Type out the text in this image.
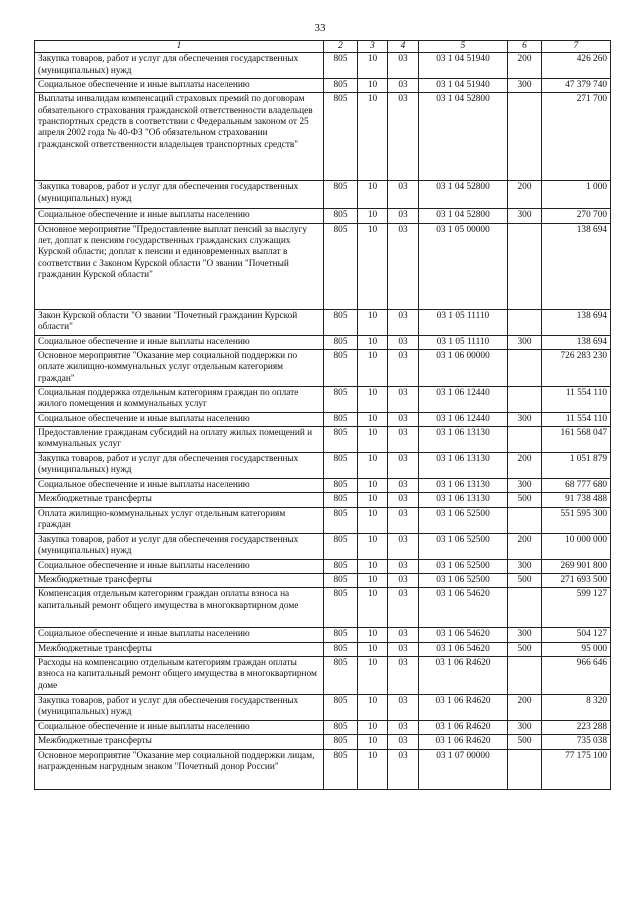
33
1	2	3	4	5	6	7
Закупка товаров, работ и услуг для обеспечения государственных (муниципальных) нужд	805	10	03	03 1 04 51940	200	426 260
Социальное обеспечение и иные выплаты населению	805	10	03	03 1 04 51940	300	47 379 740
Выплаты инвалидам компенсаций страховых премий по договорам обязательного страхования гражданской ответственности владельцев транспортных средств в соответствии с Федеральным законом от 25 апреля 2002 года № 40-ФЗ "Об обязательном страховании гражданской ответственности владельцев транспортных средств"	805	10	03	03 1 04 52800		271 700
Закупка товаров, работ и услуг для обеспечения государственных (муниципальных) нужд	805	10	03	03 1 04 52800	200	1 000
Социальное обеспечение и иные выплаты населению	805	10	03	03 1 04 52800	300	270 700
Основное мероприятие "Предоставление выплат пенсий за выслугу лет, доплат к пенсиям государственных гражданских служащих Курской области; доплат к пенсии и единовременных выплат в соответствии с Законом Курской области "О звании "Почетный гражданин Курской области"	805	10	03	03 1 05 00000		138 694
Закон Курской области "О звании "Почетный гражданин Курской области"	805	10	03	03 1 05 11110		138 694
Социальное обеспечение и иные выплаты населению	805	10	03	03 1 05 11110	300	138 694
Основное мероприятие "Оказание мер социальной поддержки по оплате жилищно-коммунальных услуг отдельным категориям граждан"	805	10	03	03 1 06 00000		726 283 230
Социальная поддержка отдельным категориям граждан по оплате жилого помещения и коммунальных услуг	805	10	03	03 1 06 12440		11 554 110
Социальное обеспечение и иные выплаты населению	805	10	03	03 1 06 12440	300	11 554 110
Предоставление гражданам субсидий на оплату жилых помещений и коммунальных услуг	805	10	03	03 1 06 13130		161 568 047
Закупка товаров, работ и услуг для обеспечения государственных (муниципальных) нужд	805	10	03	03 1 06 13130	200	1 051 879
Социальное обеспечение и иные выплаты населению	805	10	03	03 1 06 13130	300	68 777 680
Межбюджетные трансферты	805	10	03	03 1 06 13130	500	91 738 488
Оплата жилищно-коммунальных услуг отдельным категориям граждан	805	10	03	03 1 06 52500		551 595 300
Закупка товаров, работ и услуг для обеспечения государственных (муниципальных) нужд	805	10	03	03 1 06 52500	200	10 000 000
Социальное обеспечение и иные выплаты населению	805	10	03	03 1 06 52500	300	269 901 800
Межбюджетные трансферты	805	10	03	03 1 06 52500	500	271 693 500
Компенсация отдельным категориям граждан оплаты взноса на капитальный ремонт общего имущества в многоквартирном доме	805	10	03	03 1 06 54620		599 127
Социальное обеспечение и иные выплаты населению	805	10	03	03 1 06 54620	300	504 127
Межбюджетные трансферты	805	10	03	03 1 06 54620	500	95 000
Расходы на компенсацию отдельным категориям граждан оплаты взноса на капитальный ремонт общего имущества в многоквартирном доме	805	10	03	03 1 06 R4620		966 646
Закупка товаров, работ и услуг для обеспечения государственных (муниципальных) нужд	805	10	03	03 1 06 R4620	200	8 320
Социальное обеспечение и иные выплаты населению	805	10	03	03 1 06 R4620	300	223 288
Межбюджетные трансферты	805	10	03	03 1 06 R4620	500	735 038
Основное мероприятие "Оказание мер социальной поддержки лицам, награжденным нагрудным знаком "Почетный донор России"	805	10	03	03 1 07 00000		77 175 100
